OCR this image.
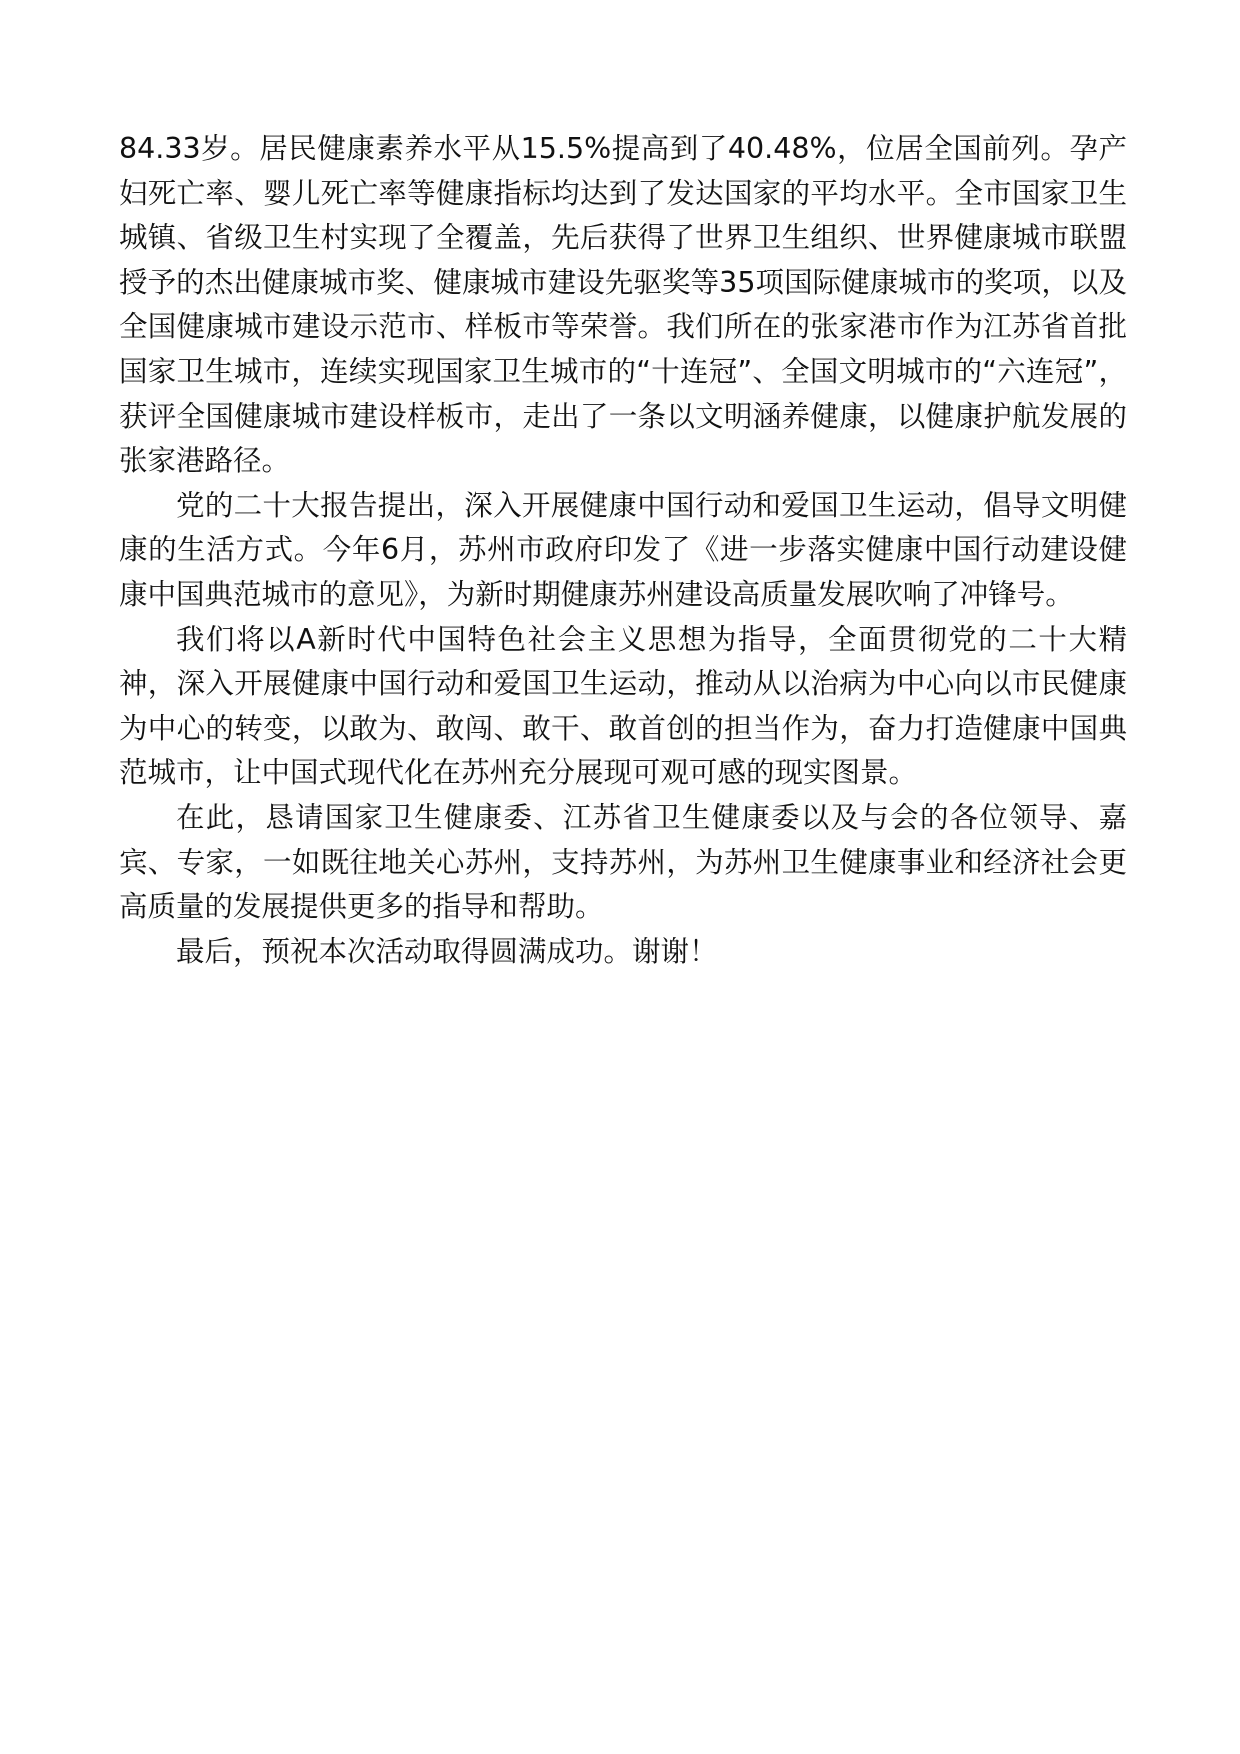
84.33岁。居民健康素养水平从15.5%提高到了40.48%，位居全国前列。孕产妇死亡率、婴儿死亡率等健康指标均达到了发达国家的平均水平。全市国家卫生城镇、省级卫生村实现了全覆盖，先后获得了世界卫生组织、世界健康城市联盟授予的杰出健康城市奖、健康城市建设先驱奖等35项国际健康城市的奖项，以及全国健康城市建设示范市、样板市等荣誉。我们所在的张家港市作为江苏省首批国家卫生城市，连续实现国家卫生城市的“十连冠”、全国文明城市的“六连冠”，获评全国健康城市建设样板市，走出了一条以文明涵养健康，以健康护航发展的张家港路径。

党的二十大报告提出，深入开展健康中国行动和爱国卫生运动，倡导文明健康的生活方式。今年6月，苏州市政府印发了《进一步落实健康中国行动建设健康中国典范城市的意见》，为新时期健康苏州建设高质量发展吹响了冲锋号。

我们将以A新时代中国特色社会主义思想为指导，全面贯彻党的二十大精神，深入开展健康中国行动和爱国卫生运动，推动从以治病为中心向以市民健康为中心的转变，以敢为、敢闯、敢干、敢首创的担当作为，奋力打造健康中国典范城市，让中国式现代化在苏州充分展现可观可感的现实图景。

在此，恳请国家卫生健康委、江苏省卫生健康委以及与会的各位领导、嘉宾、专家，一如既往地关心苏州，支持苏州，为苏州卫生健康事业和经济社会更高质量的发展提供更多的指导和帮助。

最后，预祝本次活动取得圆满成功。谢谢！
